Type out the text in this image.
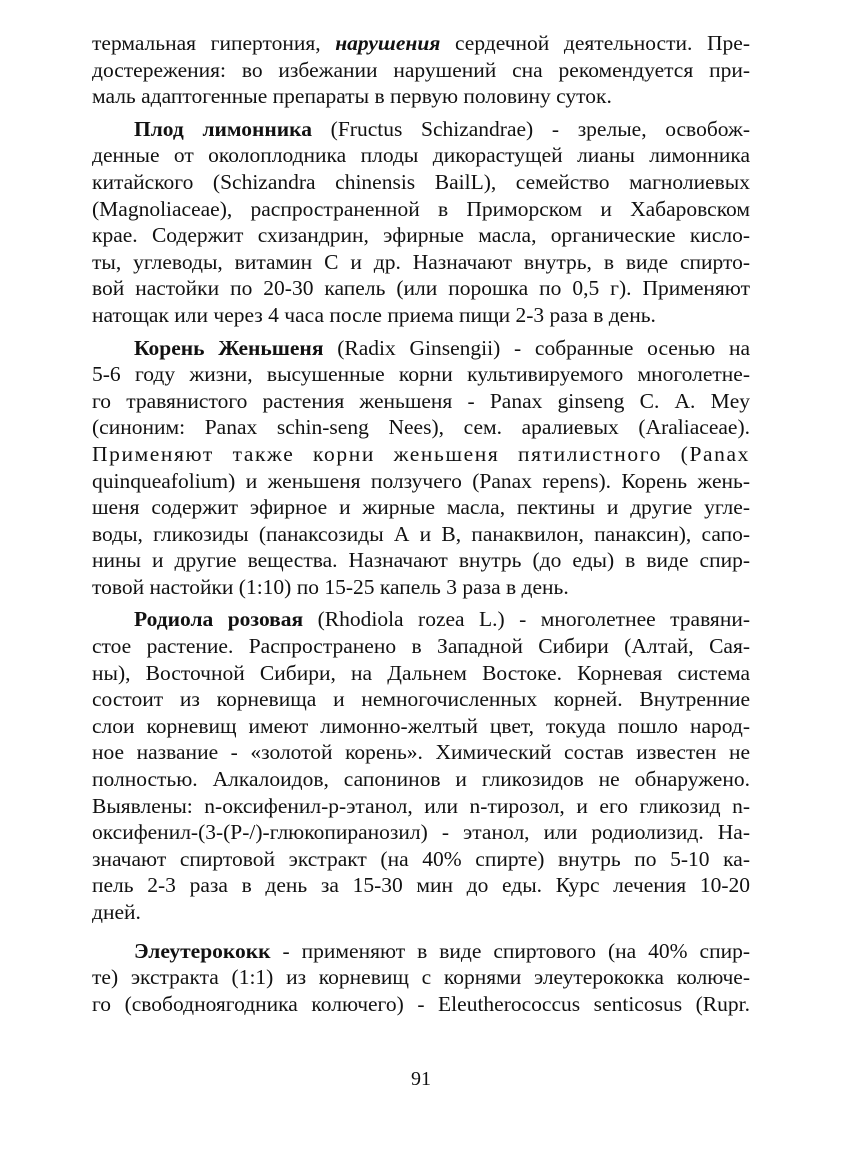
термальная гипертония, нарушения сердечной деятельности. Пре-
достережения: во избежании нарушений сна рекомендуется при-
маль адаптогенные препараты в первую половину суток.
Плод лимонника (Fructus Schizandrae) - зрелые, освобож-
денные от околоплодника плоды дикорастущей лианы лимонника
китайского (Schizandra chinensis BailL), семейство магнолиевых
(Magnoliaceae), распространенной в Приморском и Хабаровском
крае. Содержит схизандрин, эфирные масла, органические кисло-
ты, углеводы, витамин С и др. Назначают внутрь, в виде спирто-
вой настойки по 20-30 капель (или порошка по 0,5 г). Применяют
натощак или через 4 часа после приема пищи 2-3 раза в день.
Корень Женьшеня (Radix Ginsengii) - собранные осенью на
5-6 году жизни, высушенные корни культивируемого многолетне-
го травянистого растения женьшеня - Panax ginseng С. А. Mey
(синоним: Panax schin-seng Nees), сем. аралиевых (Araliaceae).
Применяют также корни женьшеня пятилистного (Panax
quinqueafolium) и женьшеня ползучего (Panax repens). Корень жень-
шеня содержит эфирное и жирные масла, пектины и другие угле-
воды, гликозиды (панаксозиды А и В, панаквилон, панаксин), сапо-
нины и другие вещества. Назначают внутрь (до еды) в виде спир-
товой настойки (1:10) по 15-25 капель 3 раза в день.
Родиола розовая (Rhodiola rozea L.) - многолетнее травяни-
стое растение. Распространено в Западной Сибири (Алтай, Сая-
ны), Восточной Сибири, на Дальнем Востоке. Корневая система
состоит из корневища и немногочисленных корней. Внутренние
слои корневищ имеют лимонно-желтый цвет, токуда пошло народ-
ное название - «золотой корень». Химический состав известен не
полностью. Алкалоидов, сапонинов и гликозидов не обнаружено.
Выявлены: n-оксифенил-р-этанол, или n-тирозол, и его гликозид n-
оксифенил-(3-(Р-/)-глюкопиранозил) - этанол, или родиолизид. На-
значают спиртовой экстракт (на 40% спирте) внутрь по 5-10 ка-
пель 2-3 раза в день за 15-30 мин до еды. Курс лечения 10-20
дней.
Элеутерококк - применяют в виде спиртового (на 40% спир-
те) экстракта (1:1) из корневищ с корнями элеутерококка колюче-
го (свободноягодника колючего) - Eleutherococcus senticosus (Rupr.
91
